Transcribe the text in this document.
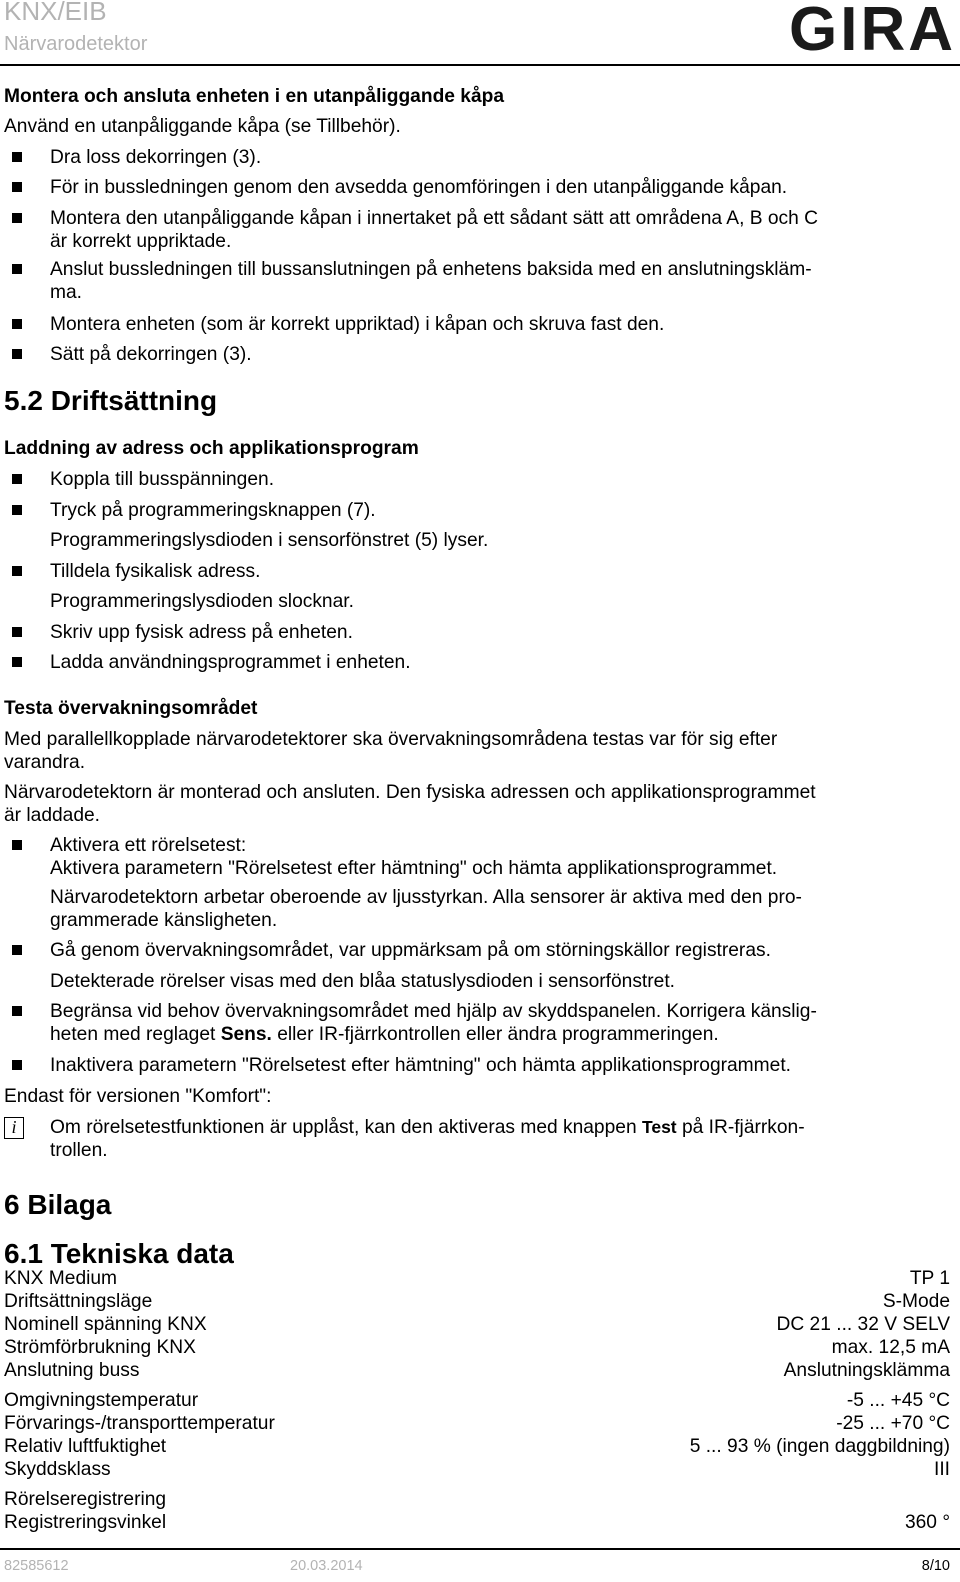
KNX/EIB
Närvarodetektor	GIRA
Montera och ansluta enheten i en utanpåliggande kåpa
Använd en utanpåliggande kåpa (se Tillbehör).
Dra loss dekorringen (3).
För in bussledningen genom den avsedda genomföringen i den utanpåliggande kåpan.
Montera den utanpåliggande kåpan i innertaket på ett sådant sätt att områdena A, B och C
är korrekt uppriktade.
Anslut bussledningen till bussanslutningen på enhetens baksida med en anslutningskläm-
ma.
Montera enheten (som är korrekt uppriktad) i kåpan och skruva fast den.
Sätt på dekorringen (3).
5.2 Driftsättning
Laddning av adress och applikationsprogram
Koppla till busspänningen.
Tryck på programmeringsknappen (7).
Programmeringslysdioden i sensorfönstret (5) lyser.
Tilldela fysikalisk adress.
Programmeringslysdioden slocknar.
Skriv upp fysisk adress på enheten.
Ladda användningsprogrammet i enheten.
Testa övervakningsområdet
Med parallellkopplade närvarodetektorer ska övervakningsområdena testas var för sig efter
varandra.
Närvarodetektorn är monterad och ansluten. Den fysiska adressen och applikationsprogrammet
är laddade.
Aktivera ett rörelsetest:
Aktivera parametern "Rörelsetest efter hämtning" och hämta applikationsprogrammet.
Närvarodetektorn arbetar oberoende av ljusstyrkan. Alla sensorer är aktiva med den pro-
grammerade känsligheten.
Gå genom övervakningsområdet, var uppmärksam på om störningskällor registreras.
Detekterade rörelser visas med den blåa statuslysdioden i sensorfönstret.
Begränsa vid behov övervakningsområdet med hjälp av skyddspanelen. Korrigera känslig-
heten med reglaget Sens. eller IR-fjärrkontrollen eller ändra programmeringen.
Inaktivera parametern "Rörelsetest efter hämtning" och hämta applikationsprogrammet.
Endast för versionen "Komfort":
i	Om rörelsetestfunktionen är upplåst, kan den aktiveras med knappen Test på IR-fjärrkon-
trollen.
6 Bilaga
6.1 Tekniska data
KNX Medium	TP 1
Driftsättningsläge	S-Mode
Nominell spänning KNX	DC 21 ... 32 V SELV
Strömförbrukning KNX	max. 12,5 mA
Anslutning buss	Anslutningsklämma
Omgivningstemperatur	-5 ... +45 °C
Förvarings-/transporttemperatur	-25 ... +70 °C
Relativ luftfuktighet	5 ... 93 % (ingen daggbildning)
Skyddsklass	III
Rörelseregistrering
Registreringsvinkel	360 °
82585612	20.03.2014	8/10
